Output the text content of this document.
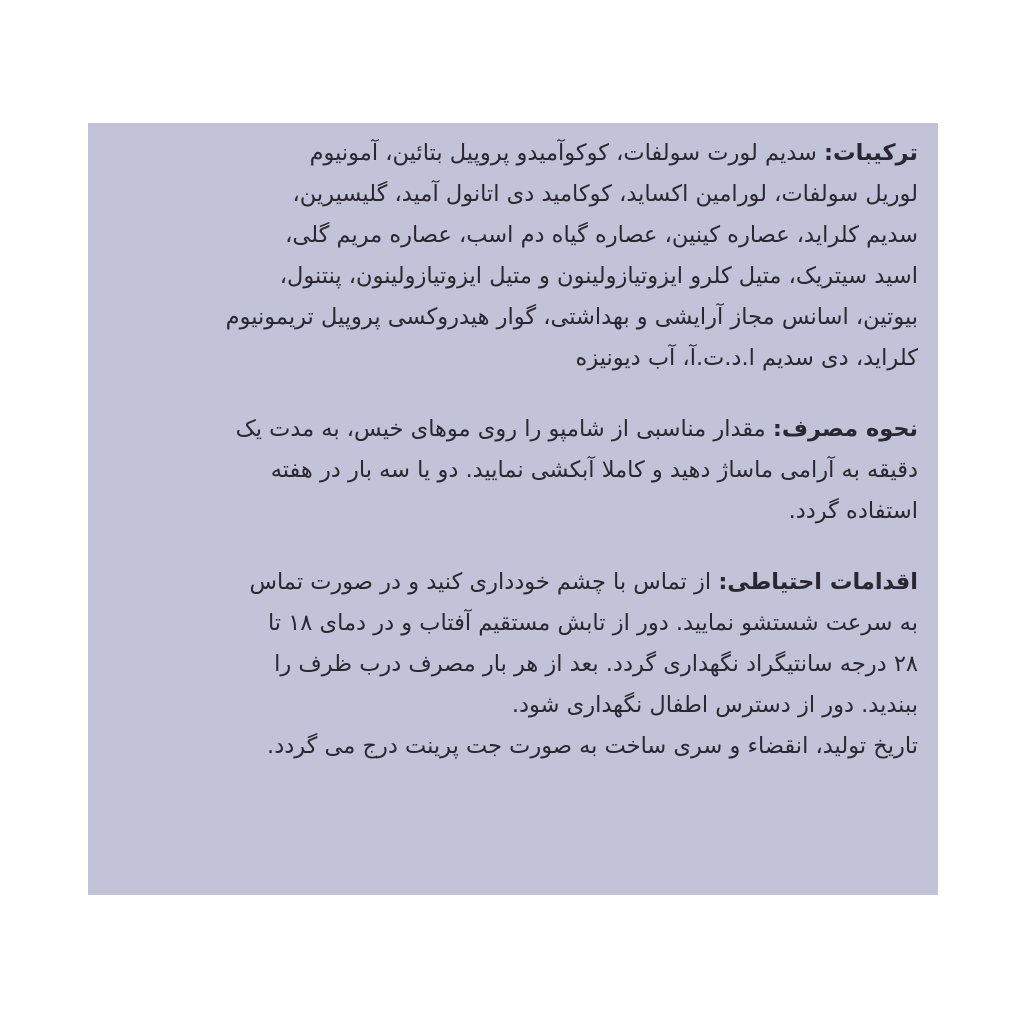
ترکیبات: سدیم لورت سولفات، کوکوآمیدو پروپیل بتائین، آمونیوم
لوریل سولفات، لورامین اکساید، کوکامید دی اتانول آمید، گلیسیرین،
سدیم کلراید، عصاره کینین، عصاره گیاه دم اسب، عصاره مریم گلی،
اسید سیتریک، متیل کلرو ایزوتیازولینون و متیل ایزوتیازولینون، پنتنول،
بیوتین، اسانس مجاز آرایشی و بهداشتی، گوار هیدروکسی پروپیل تریمونیوم
کلراید، دی سدیم ا.د.ت.آ، آب دیونیزه

نحوه مصرف: مقدار مناسبی از شامپو را روی موهای خیس، به مدت یک
دقیقه به آرامی ماساژ دهید و کاملا آبکشی نمایید. دو یا سه بار در هفته
استفاده گردد.

اقدامات احتیاطی: از تماس با چشم خودداری کنید و در صورت تماس
به سرعت شستشو نمایید. دور از تابش مستقیم آفتاب و در دمای ۱۸ تا
۲۸ درجه سانتیگراد نگهداری گردد. بعد از هر بار مصرف درب ظرف را
ببندید. دور از دسترس اطفال نگهداری شود.

تاریخ تولید، انقضاء و سری ساخت به صورت جت پرینت درج می گردد.
